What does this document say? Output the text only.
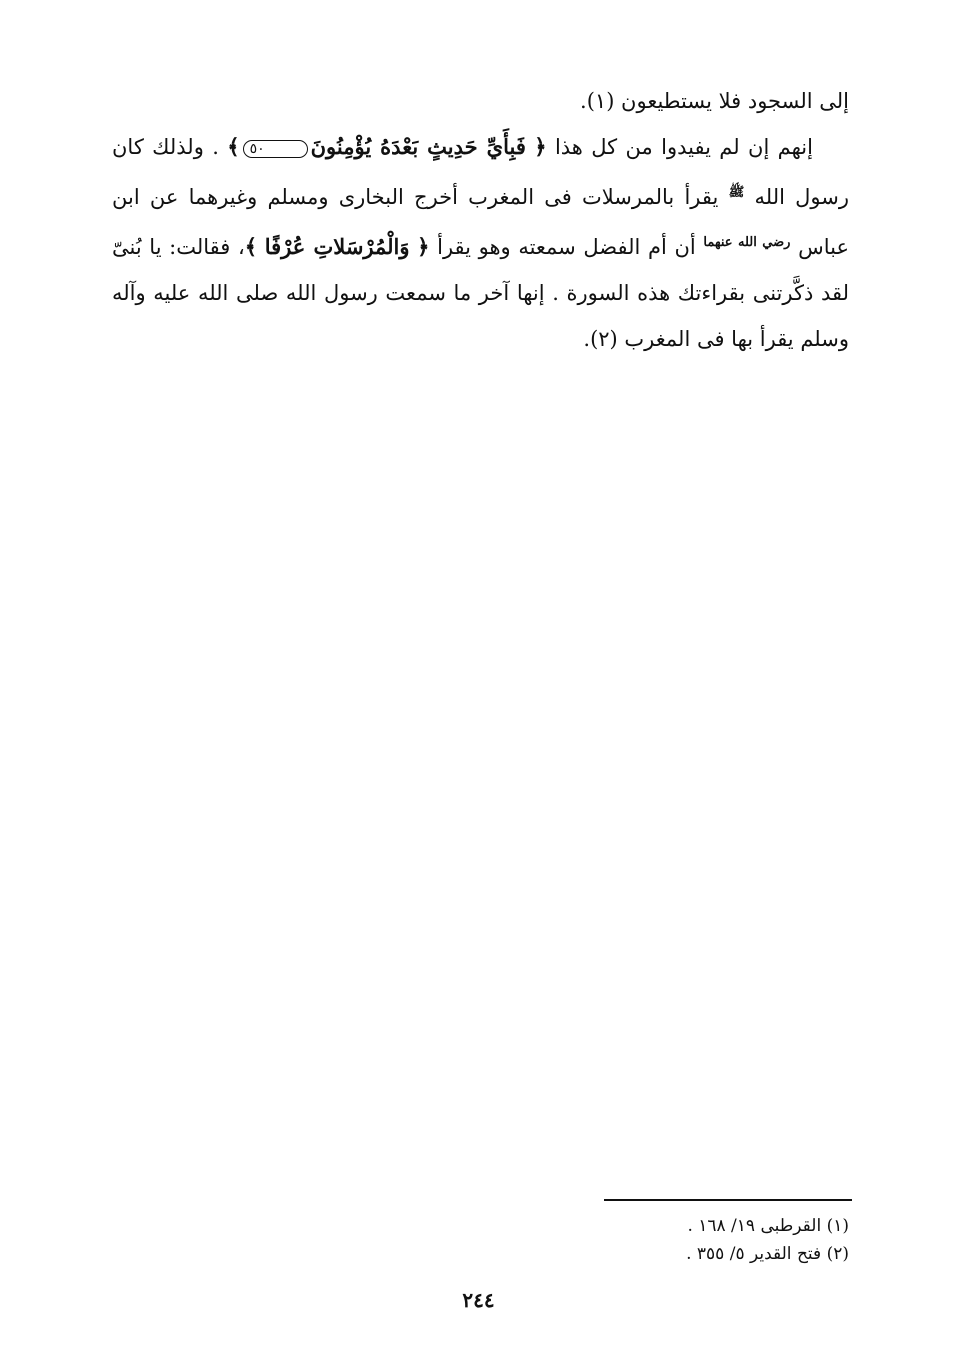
إلى السجود فلا يستطيعون (١).

إنهم إن لم يفيدوا من كل هذا ﴿ فَبِأَيِّ حَدِيثٍ بَعْدَهُ يُؤْمِنُونَ٥٠﴾ . ولذلك كان رسول الله $^ﷺ$ يقرأ بالمرسلات فى المغرب أخرج البخارى ومسلم وغيرهما عن ابن عباس $^{رضي الله عنهما}$ أن أم الفضل سمعته وهو يقرأ ﴿ وَالْمُرْسَلاتِ عُرْفًا ﴾، فقالت: يا بُنىّ لقد ذكَّرتنى بقراءتك هذه السورة . إنها آخر ما سمعت رسول الله صلى الله عليه وآله وسلم يقرأ بها فى المغرب (٢).

(١) القرطبى ١٩/ ١٦٨ .
(٢) فتح القدير ٥/ ٣٥٥ .
٢٤٤
